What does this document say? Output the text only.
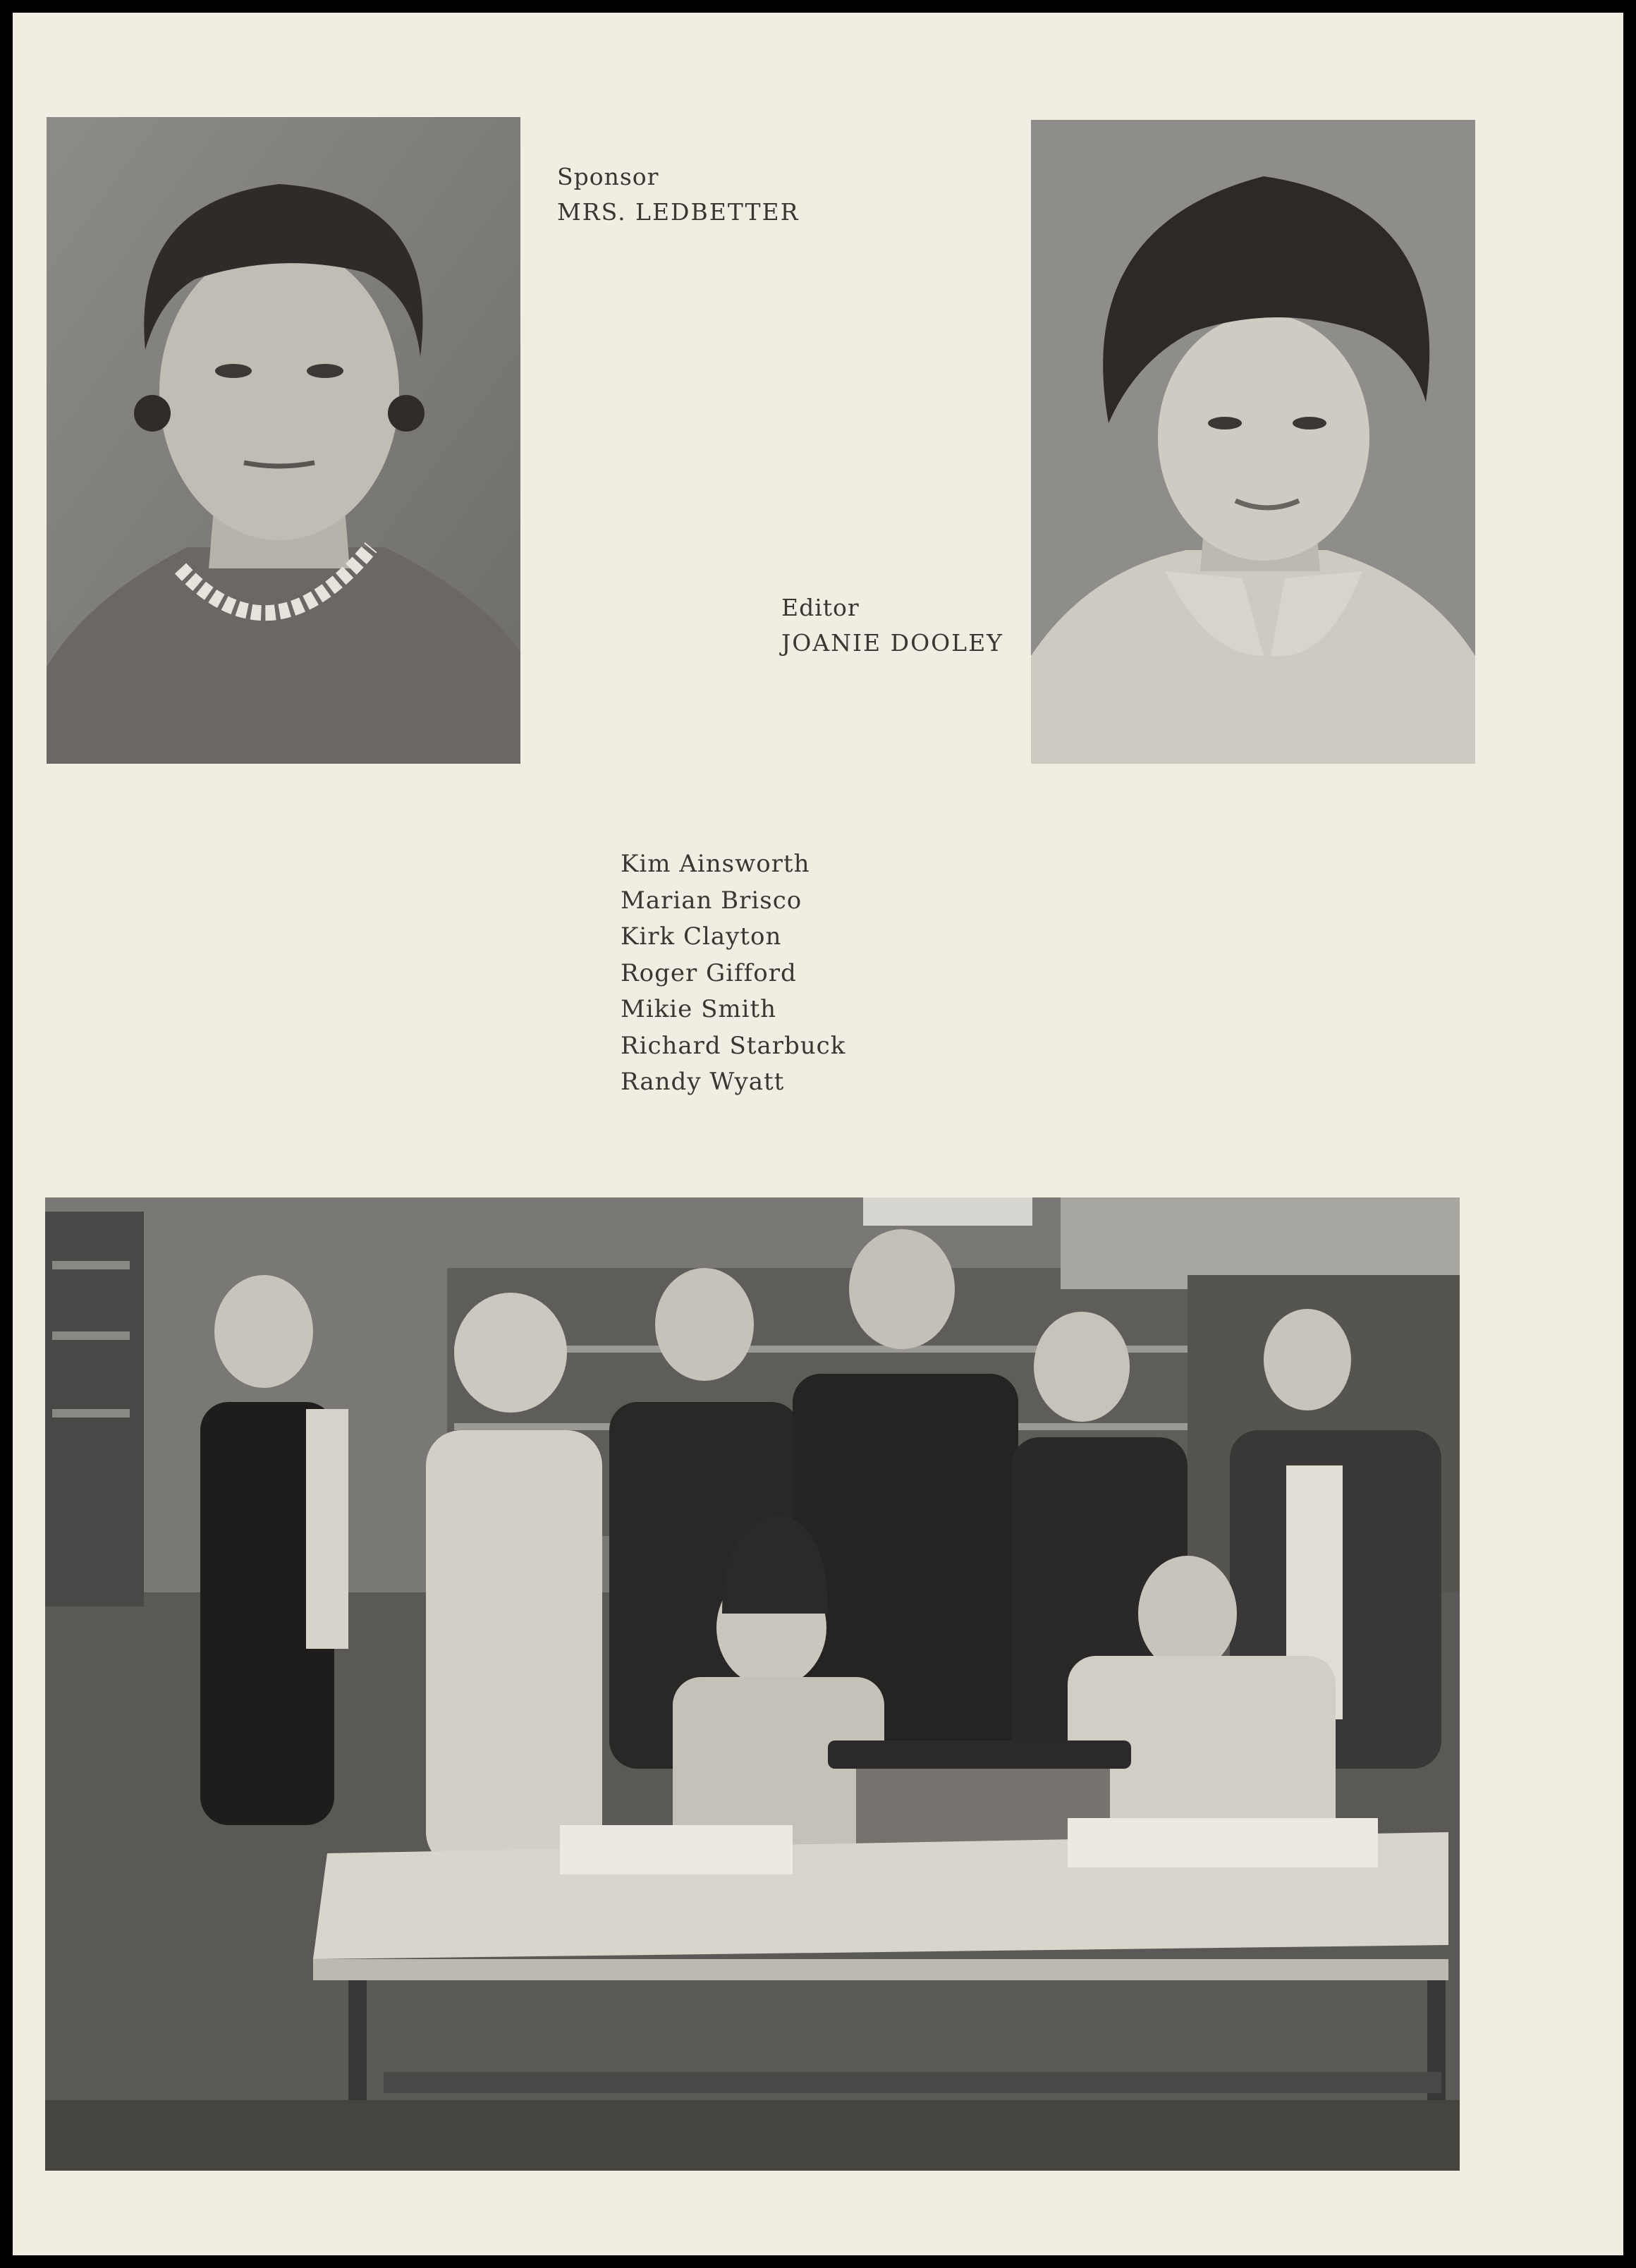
Sponsor
MRS. LEDBETTER
Editor
JOANIE DOOLEY
Kim Ainsworth
Marian Brisco
Kirk Clayton
Roger Gifford
Mikie Smith
Richard Starbuck
Randy Wyatt
